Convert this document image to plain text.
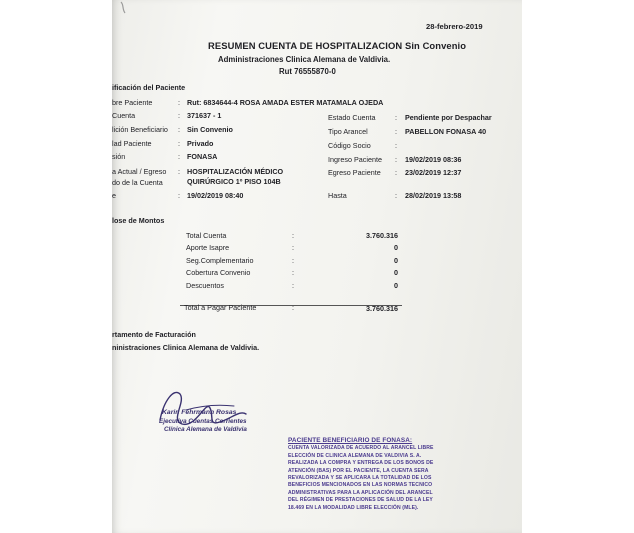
28-febrero-2019
RESUMEN CUENTA DE HOSPITALIZACION Sin Convenio
Administraciones Clinica Alemana de Valdivia.
Rut 76555870-0
ificación del Paciente
bre Paciente
Cuenta
lición Beneficiario
lad Paciente
sión
a Actual / Egreso
do de la Cuenta
e
:
:
:
:
:
:
:
Rut: 6834644-4 ROSA AMADA ESTER MATAMALA OJEDA
371637 - 1
Sin Convenio
Privado
FONASA
HOSPITALIZACIÓN MÉDICO
QUIRÚRGICO 1º PISO 104B
19/02/2019 08:40
Estado Cuenta
Tipo Arancel
Código Socio
Ingreso Paciente
Egreso Paciente
Hasta
:
:
:
:
:
:
Pendiente por Despachar
PABELLON FONASA 40
19/02/2019 08:36
23/02/2019 12:37
28/02/2019 13:58
lose de Montos
Total Cuenta
Aporte Isapre
Seg.Complementario
Cobertura Convenio
Descuentos
:
:
:
:
:
3.760.316
0
0
0
0
Total a Pagar Paciente	:	3.760.316
rtamento de Facturación
ninistraciones Clinica Alemana de Valdivia.
Karin Fehrmann Rosas
Ejecutiva Cuentas Corrientes
Clínica Alemana de Valdivia
PACIENTE BENEFICIARIO DE FONASA:
CUENTA VALORIZADA DE ACUERDO AL ARANCEL LIBRE
ELECCIÓN DE CLINICA ALEMANA DE VALDIVIA S. A.
REALIZADA LA COMPRA Y ENTREGA DE LOS BONOS DE
ATENCIÓN (BAS) POR EL PACIENTE, LA CUENTA SERA
REVALORIZADA Y SE APLICARA LA TOTALIDAD DE LOS
BENEFICIOS MENCIONADOS EN LAS NORMAS TECNICO
ADMINISTRATIVAS PARA LA APLICACIÓN DEL ARANCEL
DEL RÉGIMEN DE PRESTACIONES DE SALUD DE LA LEY
18.469 EN LA MODALIDAD LIBRE ELECCIÓN (MLE).
